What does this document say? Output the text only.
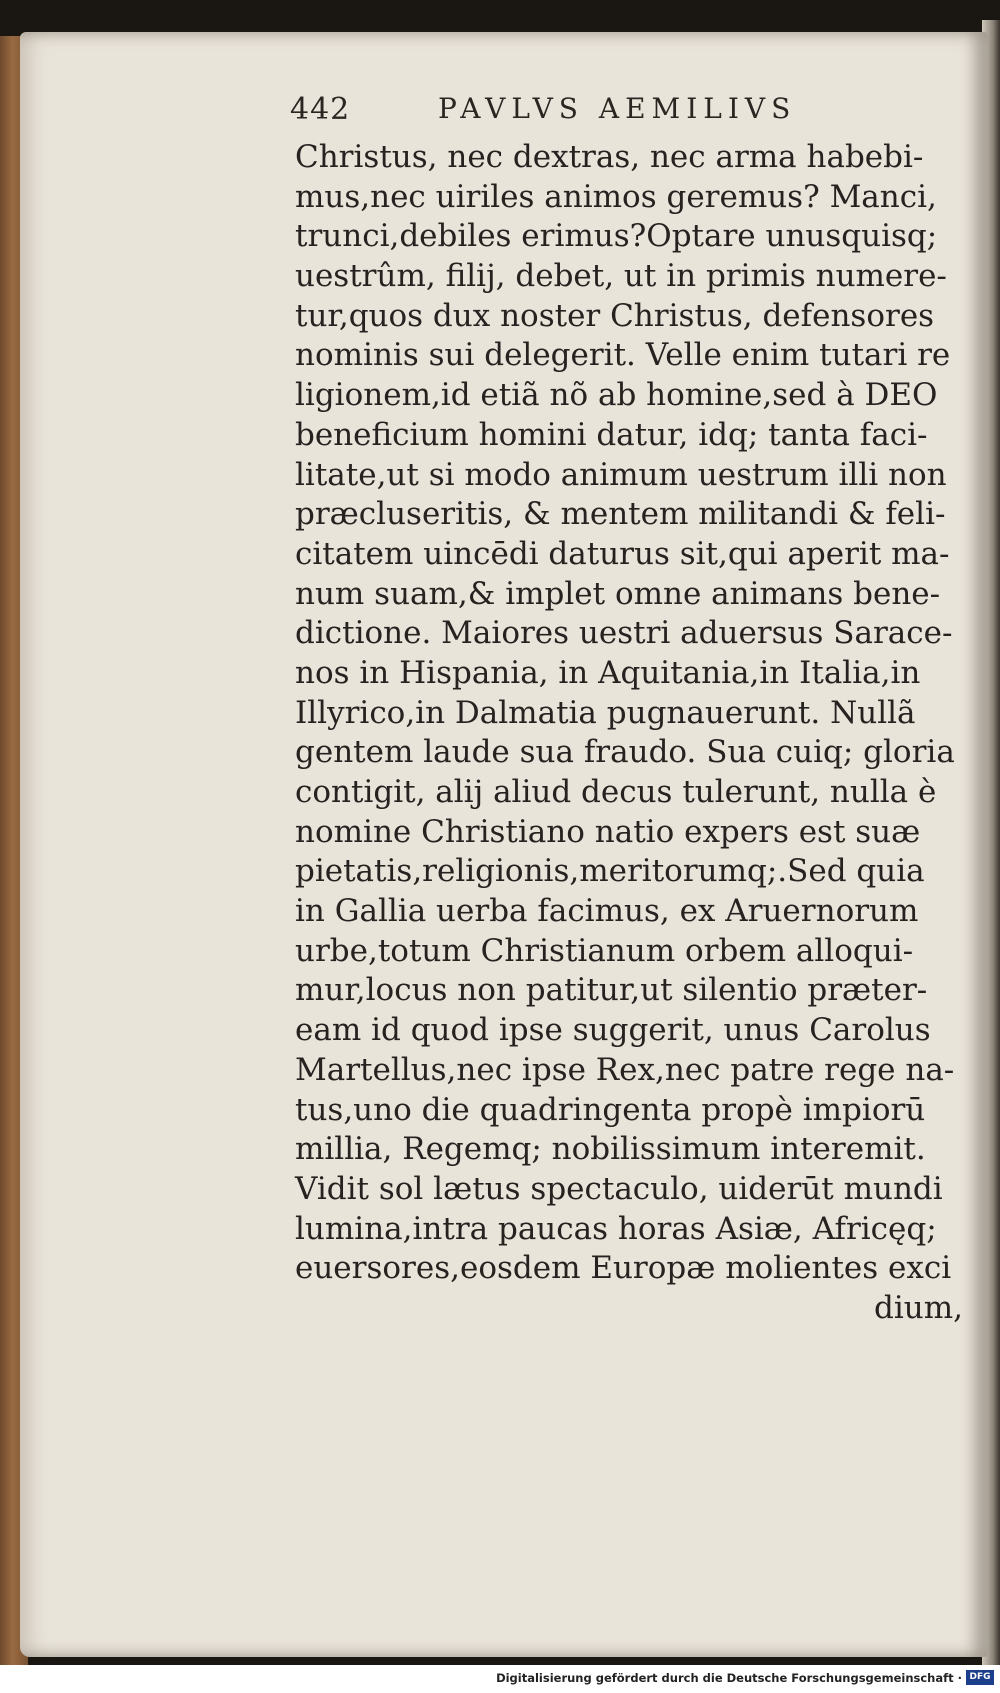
442	PAVLVS AEMILIVS
Christus, nec dextras, nec arma habebi-
mus,nec uiriles animos geremus? Manci,
trunci,debiles erimus?Optare unusquisq;
uestrûm, filij, debet, ut in primis numere-
tur,quos dux noster Christus, defensores
nominis sui delegerit. Velle enim tutari re
ligionem,id etiã nõ ab homine,sed à DEO
beneficium homini datur, idq; tanta faci-
litate,ut si modo animum uestrum illi non
præcluseritis, & mentem militandi & feli-
citatem uincēdi daturus sit,qui aperit ma-
num suam,& implet omne animans bene-
dictione. Maiores uestri aduersus Sarace-
nos in Hispania, in Aquitania,in Italia,in
Illyrico,in Dalmatia pugnauerunt. Nullã
gentem laude sua fraudo. Sua cuiq; gloria
contigit, alij aliud decus tulerunt, nulla è
nomine Christiano natio expers est suæ
pietatis,religionis,meritorumq;.Sed quia
in Gallia uerba facimus, ex Aruernorum
urbe,totum Christianum orbem alloqui-
mur,locus non patitur,ut silentio præter-
eam id quod ipse suggerit, unus Carolus
Martellus,nec ipse Rex,nec patre rege na-
tus,uno die quadringenta propè impiorū
millia, Regemq; nobilissimum interemit.
Vidit sol lætus spectaculo, uiderūt mundi
lumina,intra paucas horas Asiæ, Africęq;
euersores,eosdem Europæ molientes exci
dium,
Digitalisierung gefördert durch die Deutsche Forschungsgemeinschaft · DFG
